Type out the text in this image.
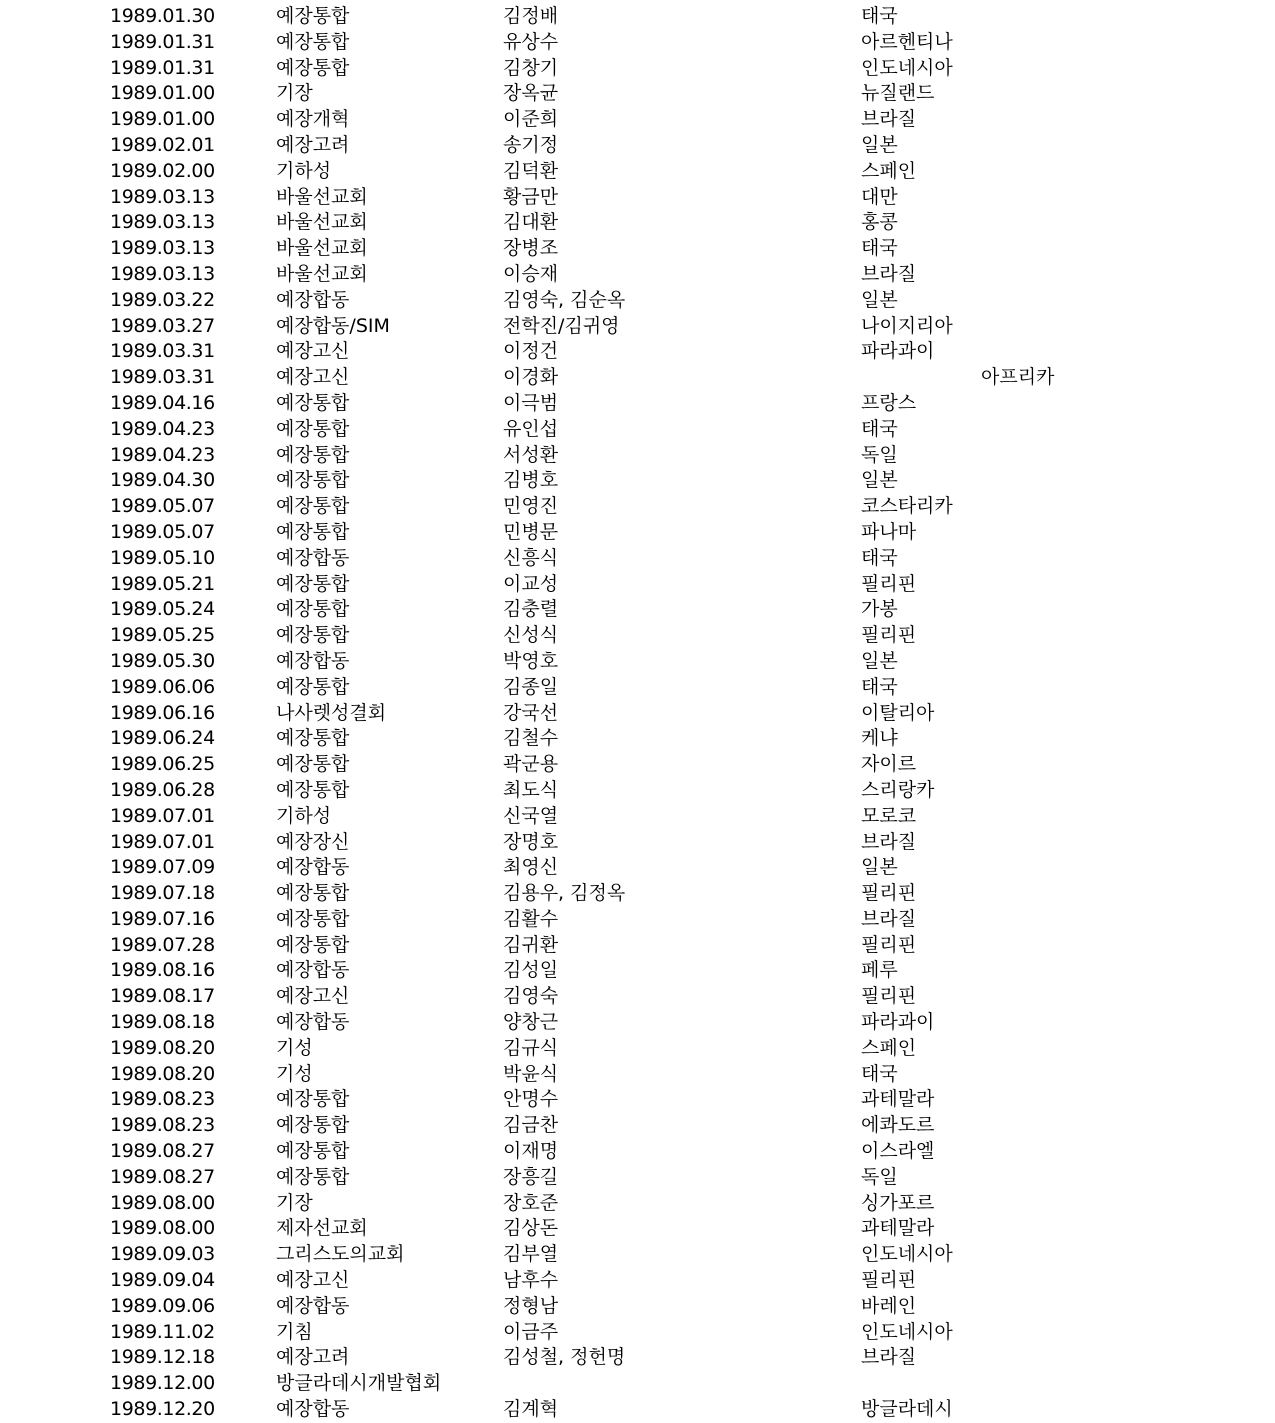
1989.01.30	예장통합	김정배	태국
1989.01.31	예장통합	유상수	아르헨티나
1989.01.31	예장통합	김창기	인도네시아
1989.01.00	기장	장옥균	뉴질랜드
1989.01.00	예장개혁	이준희	브라질
1989.02.01	예장고려	송기정	일본
1989.02.00	기하성	김덕환	스페인
1989.03.13	바울선교회	황금만	대만
1989.03.13	바울선교회	김대환	홍콩
1989.03.13	바울선교회	장병조	태국
1989.03.13	바울선교회	이승재	브라질
1989.03.22	예장합동	김영숙, 김순옥	일본
1989.03.27	예장합동/SIM	전학진/김귀영	나이지리아
1989.03.31	예장고신	이정건	파라과이
1989.03.31	예장고신	이경화	아프리카
1989.04.16	예장통합	이극범	프랑스
1989.04.23	예장통합	유인섭	태국
1989.04.23	예장통합	서성환	독일
1989.04.30	예장통합	김병호	일본
1989.05.07	예장통합	민영진	코스타리카
1989.05.07	예장통합	민병문	파나마
1989.05.10	예장합동	신흥식	태국
1989.05.21	예장통합	이교성	필리핀
1989.05.24	예장통합	김충렬	가봉
1989.05.25	예장통합	신성식	필리핀
1989.05.30	예장합동	박영호	일본
1989.06.06	예장통합	김종일	태국
1989.06.16	나사렛성결회	강국선	이탈리아
1989.06.24	예장통합	김철수	케냐
1989.06.25	예장통합	곽군용	자이르
1989.06.28	예장통합	최도식	스리랑카
1989.07.01	기하성	신국열	모로코
1989.07.01	예장장신	장명호	브라질
1989.07.09	예장합동	최영신	일본
1989.07.18	예장통합	김용우, 김정옥	필리핀
1989.07.16	예장통합	김활수	브라질
1989.07.28	예장통합	김귀환	필리핀
1989.08.16	예장합동	김성일	페루
1989.08.17	예장고신	김영숙	필리핀
1989.08.18	예장합동	양창근	파라과이
1989.08.20	기성	김규식	스페인
1989.08.20	기성	박윤식	태국
1989.08.23	예장통합	안명수	과테말라
1989.08.23	예장통합	김금찬	에콰도르
1989.08.27	예장통합	이재명	이스라엘
1989.08.27	예장통합	장흥길	독일
1989.08.00	기장	장호준	싱가포르
1989.08.00	제자선교회	김상돈	과테말라
1989.09.03	그리스도의교회	김부열	인도네시아
1989.09.04	예장고신	남후수	필리핀
1989.09.06	예장합동	정형남	바레인
1989.11.02	기침	이금주	인도네시아
1989.12.18	예장고려	김성철, 정헌명	브라질
1989.12.00	방글라데시개발협회
1989.12.20	예장합동	김계혁	방글라데시
